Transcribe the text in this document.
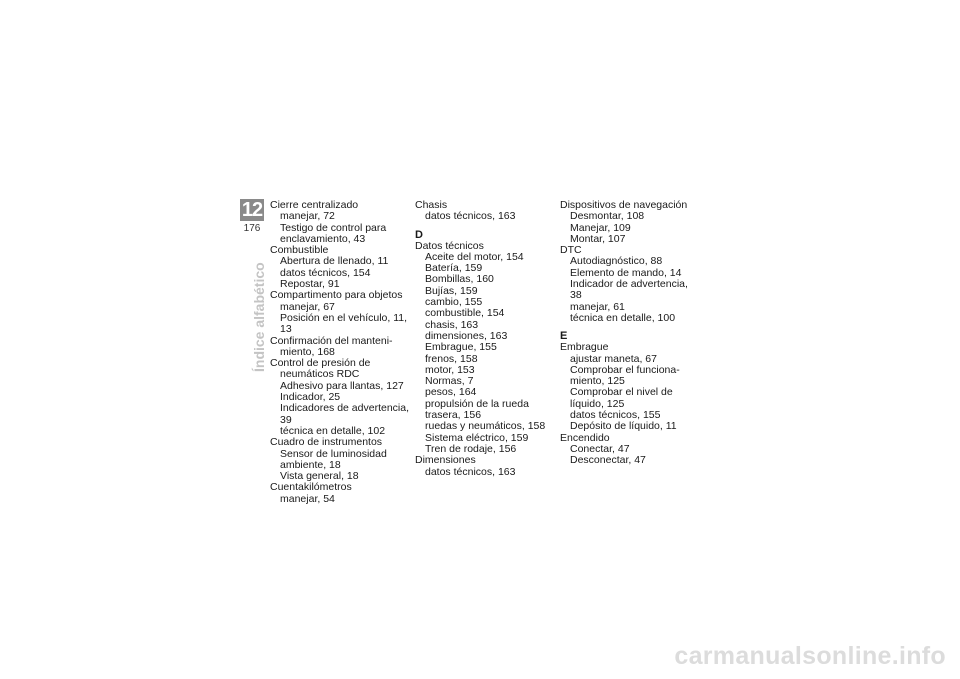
12
176
Índice alfabético
Cierre centralizado
manejar, 72
Testigo de control para
enclavamiento, 43
Combustible
Abertura de llenado, 11
datos técnicos, 154
Repostar, 91
Compartimento para objetos
manejar, 67
Posición en el vehículo, 11, 13
Confirmación del manteni-
miento, 168
Control de presión de
neumáticos RDC
Adhesivo para llantas, 127
Indicador, 25
Indicadores de advertencia, 39
técnica en detalle, 102
Cuadro de instrumentos
Sensor de luminosidad
ambiente, 18
Vista general, 18
Cuentakilómetros
manejar, 54
Chasis
datos técnicos, 163
D
Datos técnicos
Aceite del motor, 154
Batería, 159
Bombillas, 160
Bujías, 159
cambio, 155
combustible, 154
chasis, 163
dimensiones, 163
Embrague, 155
frenos, 158
motor, 153
Normas, 7
pesos, 164
propulsión de la rueda
trasera, 156
ruedas y neumáticos, 158
Sistema eléctrico, 159
Tren de rodaje, 156
Dimensiones
datos técnicos, 163
Dispositivos de navegación
Desmontar, 108
Manejar, 109
Montar, 107
DTC
Autodiagnóstico, 88
Elemento de mando, 14
Indicador de advertencia, 38
manejar, 61
técnica en detalle, 100
E
Embrague
ajustar maneta, 67
Comprobar el funciona-
miento, 125
Comprobar el nivel de
líquido, 125
datos técnicos, 155
Depósito de líquido, 11
Encendido
Conectar, 47
Desconectar, 47
carmanualsonline.info
